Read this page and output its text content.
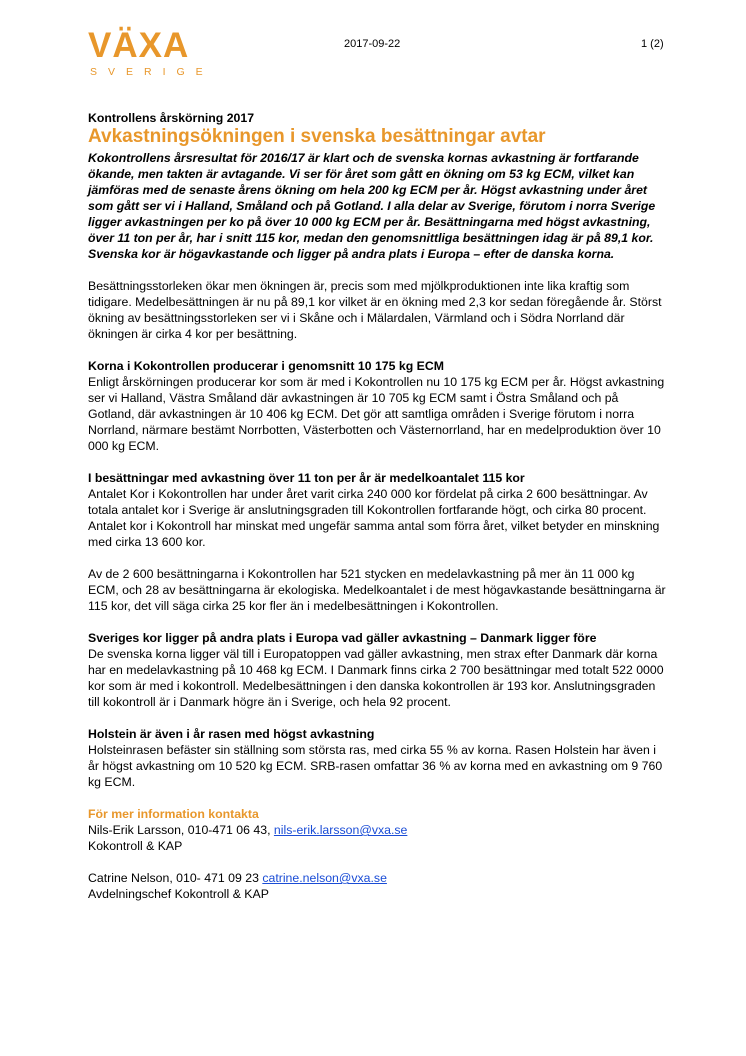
VÄXA
SVERIGE
2017-09-22	1 (2)
Kontrollens årskörning 2017
Avkastningsökningen i svenska besättningar avtar

Kokontrollens årsresultat för 2016/17 är klart och de svenska kornas avkastning är fortfarande ökande, men takten är avtagande. Vi ser för året som gått en ökning om 53 kg ECM, vilket kan jämföras med de senaste årens ökning om hela 200 kg ECM per år. Högst avkastning under året som gått ser vi i Halland, Småland och på Gotland. I alla delar av Sverige, förutom i norra Sverige ligger avkastningen per ko på över 10 000 kg ECM per år. Besättningarna med högst avkastning, över 11 ton per år, har i snitt 115 kor, medan den genomsnittliga besättningen idag är på 89,1 kor. Svenska kor är högavkastande och ligger på andra plats i Europa – efter de danska korna.

Besättningsstorleken ökar men ökningen är, precis som med mjölkproduktionen inte lika kraftig som tidigare. Medelbesättningen är nu på 89,1 kor vilket är en ökning med 2,3 kor sedan föregående år. Störst ökning av besättningsstorleken ser vi i Skåne och i Mälardalen, Värmland och i Södra Norrland där ökningen är cirka 4 kor per besättning.

Korna i Kokontrollen producerar i genomsnitt 10 175 kg ECM

Enligt årskörningen producerar kor som är med i Kokontrollen nu 10 175 kg ECM per år. Högst avkastning ser vi Halland, Västra Småland där avkastningen är 10 705 kg ECM samt i Östra Småland och på Gotland, där avkastningen är 10 406 kg ECM. Det gör att samtliga områden i Sverige förutom i norra Norrland, närmare bestämt Norrbotten, Västerbotten och Västernorrland, har en medelproduktion över 10 000 kg ECM.

I besättningar med avkastning över 11 ton per år är medelkoantalet 115 kor

Antalet Kor i Kokontrollen har under året varit cirka 240 000 kor fördelat på cirka 2 600 besättningar. Av totala antalet kor i Sverige är anslutningsgraden till Kokontrollen fortfarande högt, och cirka 80 procent. Antalet kor i Kokontroll har minskat med ungefär samma antal som förra året, vilket betyder en minskning med cirka 13 600 kor.

Av de 2 600 besättningarna i Kokontrollen har 521 stycken en medelavkastning på mer än 11 000 kg ECM, och 28 av besättningarna är ekologiska. Medelkoantalet i de mest högavkastande besättningarna är 115 kor, det vill säga cirka 25 kor fler än i medelbesättningen i Kokontrollen.

Sveriges kor ligger på andra plats i Europa vad gäller avkastning – Danmark ligger före

De svenska korna ligger väl till i Europatoppen vad gäller avkastning, men strax efter Danmark där korna har en medelavkastning på 10 468 kg ECM. I Danmark finns cirka 2 700 besättningar med totalt 522 0000 kor som är med i kokontroll. Medelbesättningen i den danska kokontrollen är 193 kor. Anslutningsgraden till kokontroll är i Danmark högre än i Sverige, och hela 92 procent.

Holstein är även i år rasen med högst avkastning

Holsteinrasen befäster sin ställning som största ras, med cirka 55 % av korna. Rasen Holstein har även i år högst avkastning om 10 520 kg ECM. SRB-rasen omfattar 36 % av korna med en avkastning om 9 760 kg ECM.

För mer information kontakta

Nils-Erik Larsson, 010-471 06 43, nils-erik.larsson@vxa.se

Kokontroll & KAP

Catrine Nelson, 010- 471 09 23 catrine.nelson@vxa.se

Avdelningschef Kokontroll & KAP
